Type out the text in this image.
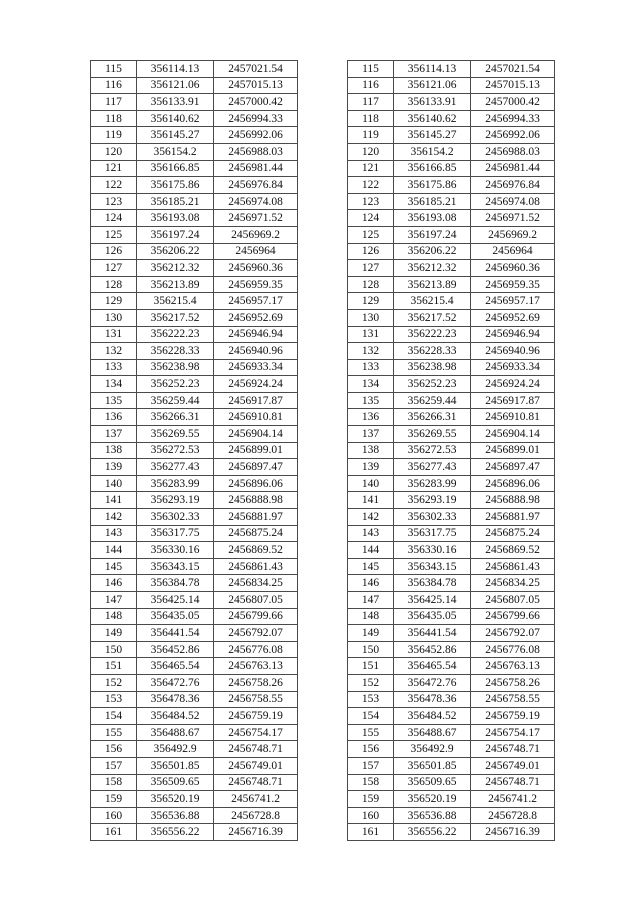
115	356114.13	2457021.54
116	356121.06	2457015.13
117	356133.91	2457000.42
118	356140.62	2456994.33
119	356145.27	2456992.06
120	356154.2	2456988.03
121	356166.85	2456981.44
122	356175.86	2456976.84
123	356185.21	2456974.08
124	356193.08	2456971.52
125	356197.24	2456969.2
126	356206.22	2456964
127	356212.32	2456960.36
128	356213.89	2456959.35
129	356215.4	2456957.17
130	356217.52	2456952.69
131	356222.23	2456946.94
132	356228.33	2456940.96
133	356238.98	2456933.34
134	356252.23	2456924.24
135	356259.44	2456917.87
136	356266.31	2456910.81
137	356269.55	2456904.14
138	356272.53	2456899.01
139	356277.43	2456897.47
140	356283.99	2456896.06
141	356293.19	2456888.98
142	356302.33	2456881.97
143	356317.75	2456875.24
144	356330.16	2456869.52
145	356343.15	2456861.43
146	356384.78	2456834.25
147	356425.14	2456807.05
148	356435.05	2456799.66
149	356441.54	2456792.07
150	356452.86	2456776.08
151	356465.54	2456763.13
152	356472.76	2456758.26
153	356478.36	2456758.55
154	356484.52	2456759.19
155	356488.67	2456754.17
156	356492.9	2456748.71
157	356501.85	2456749.01
158	356509.65	2456748.71
159	356520.19	2456741.2
160	356536.88	2456728.8
161	356556.22	2456716.39
115	356114.13	2457021.54
116	356121.06	2457015.13
117	356133.91	2457000.42
118	356140.62	2456994.33
119	356145.27	2456992.06
120	356154.2	2456988.03
121	356166.85	2456981.44
122	356175.86	2456976.84
123	356185.21	2456974.08
124	356193.08	2456971.52
125	356197.24	2456969.2
126	356206.22	2456964
127	356212.32	2456960.36
128	356213.89	2456959.35
129	356215.4	2456957.17
130	356217.52	2456952.69
131	356222.23	2456946.94
132	356228.33	2456940.96
133	356238.98	2456933.34
134	356252.23	2456924.24
135	356259.44	2456917.87
136	356266.31	2456910.81
137	356269.55	2456904.14
138	356272.53	2456899.01
139	356277.43	2456897.47
140	356283.99	2456896.06
141	356293.19	2456888.98
142	356302.33	2456881.97
143	356317.75	2456875.24
144	356330.16	2456869.52
145	356343.15	2456861.43
146	356384.78	2456834.25
147	356425.14	2456807.05
148	356435.05	2456799.66
149	356441.54	2456792.07
150	356452.86	2456776.08
151	356465.54	2456763.13
152	356472.76	2456758.26
153	356478.36	2456758.55
154	356484.52	2456759.19
155	356488.67	2456754.17
156	356492.9	2456748.71
157	356501.85	2456749.01
158	356509.65	2456748.71
159	356520.19	2456741.2
160	356536.88	2456728.8
161	356556.22	2456716.39
